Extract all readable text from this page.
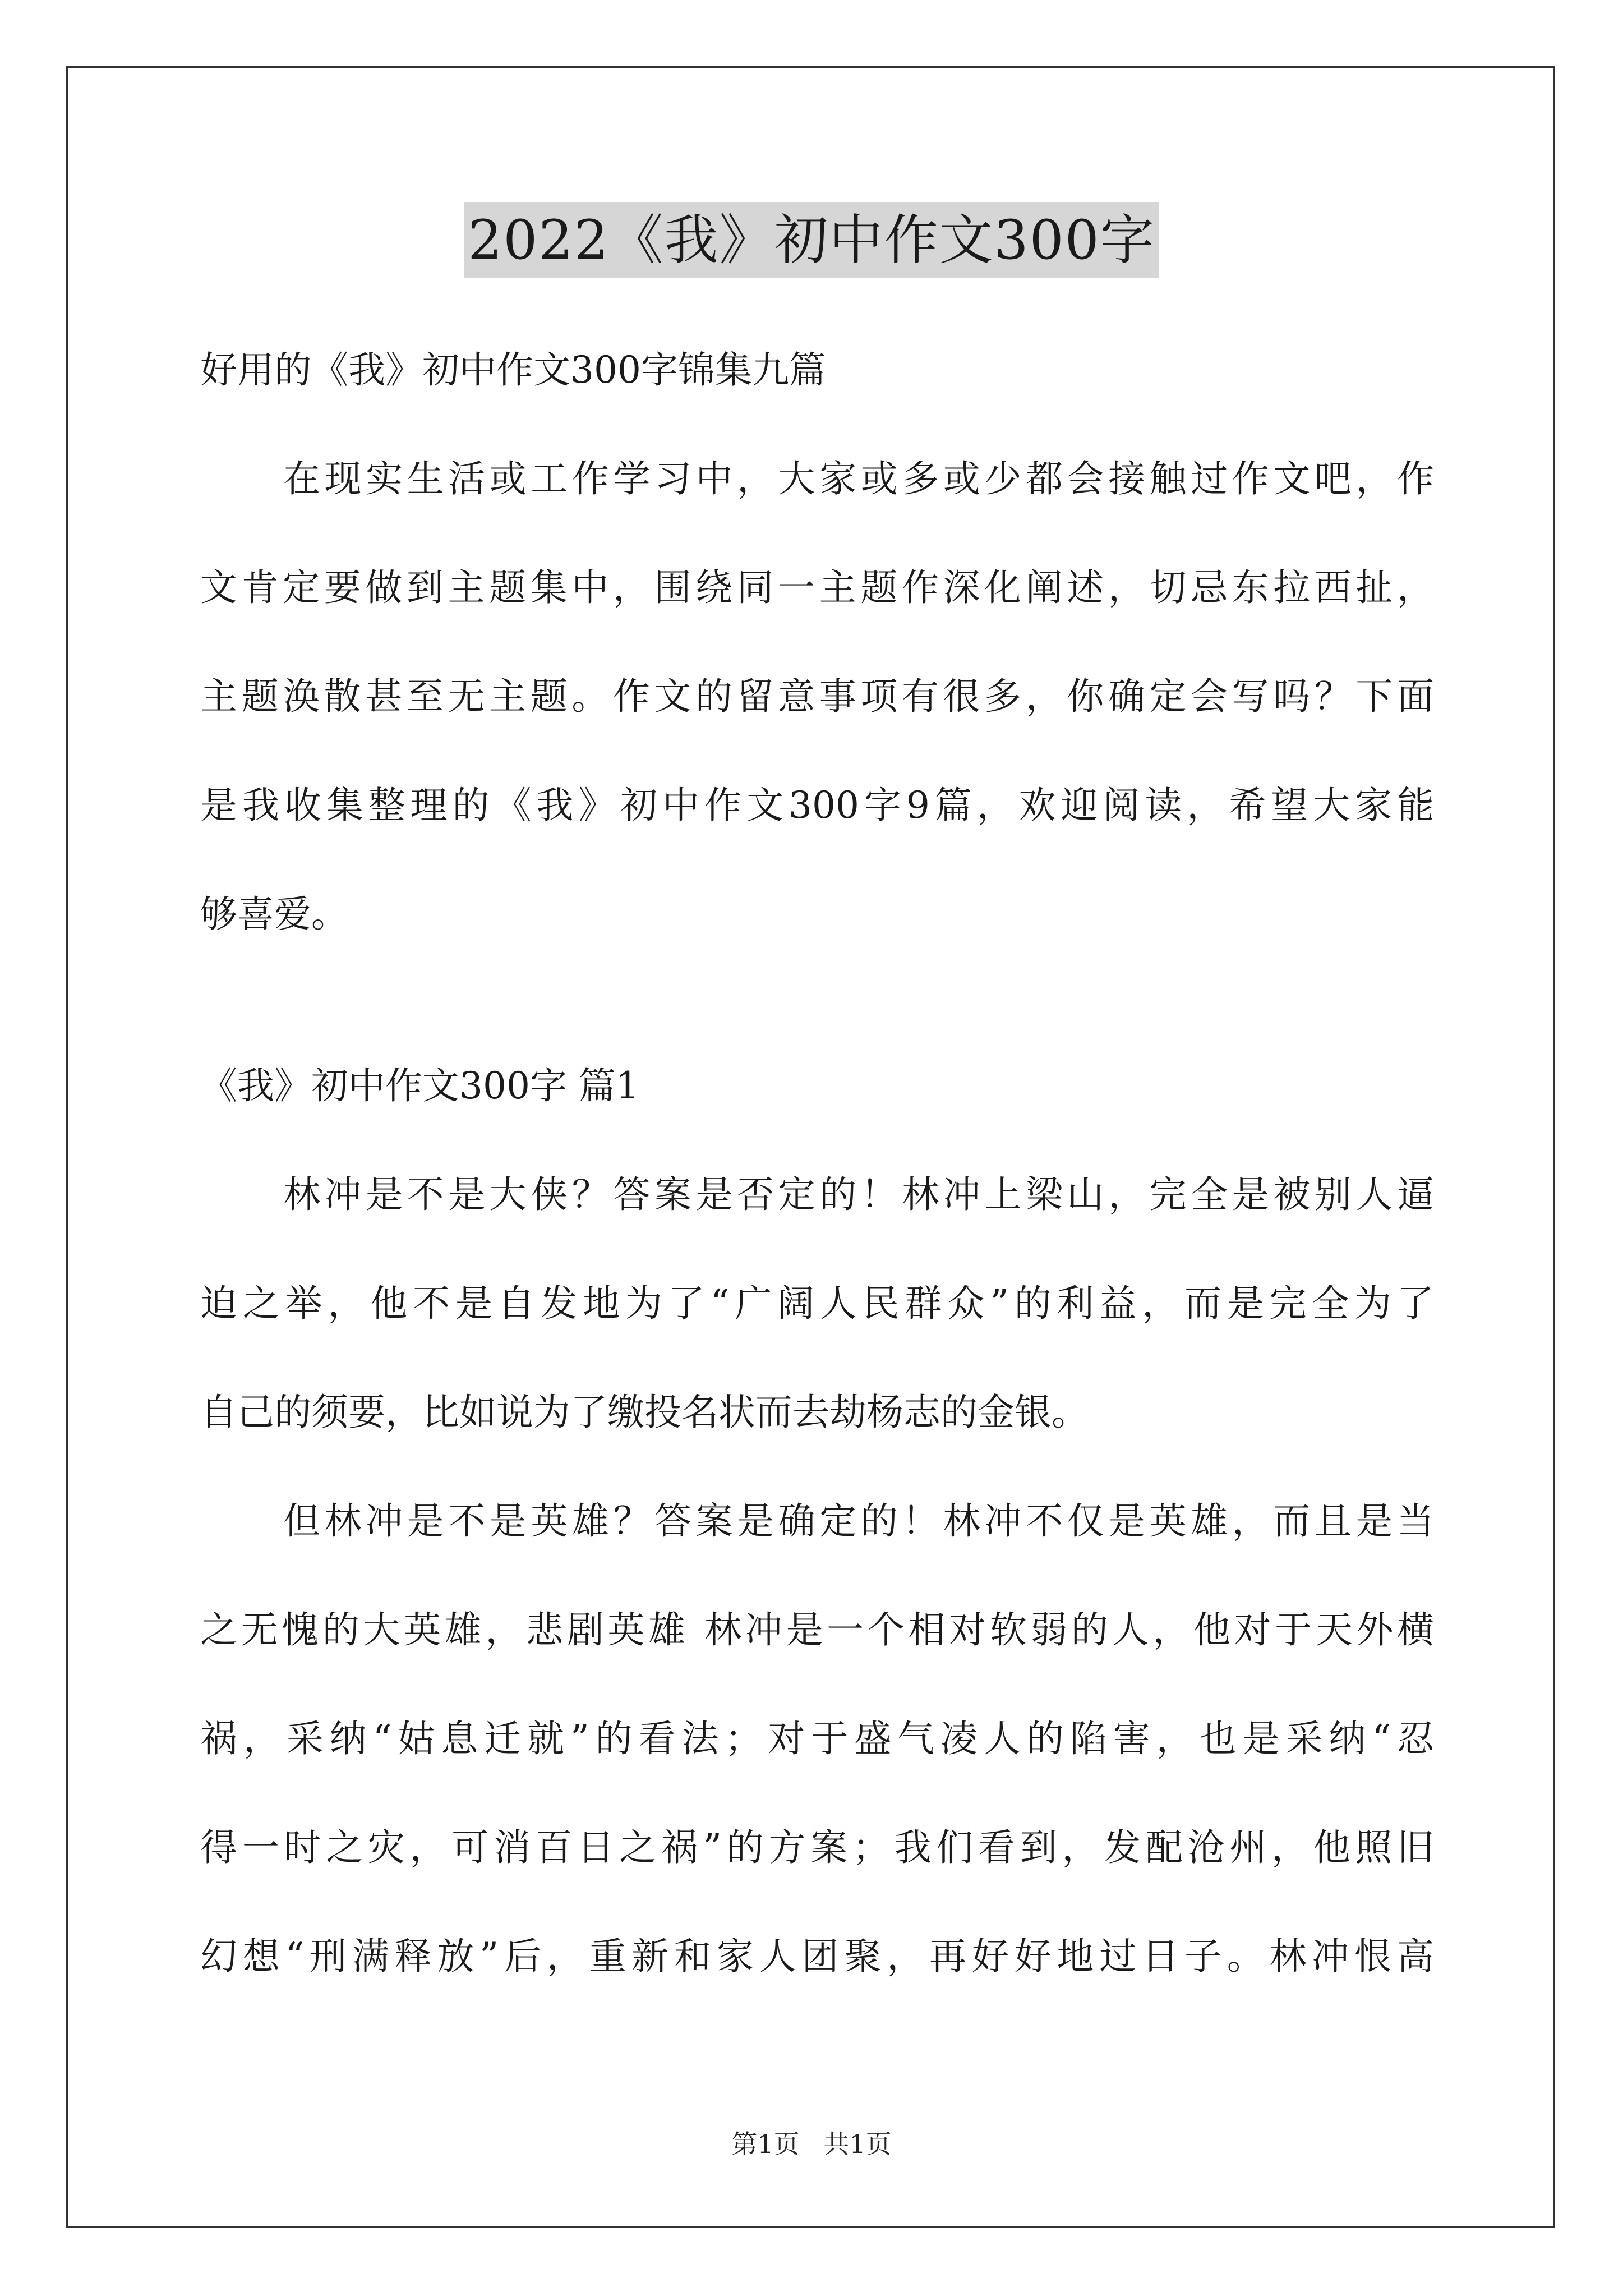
2022《我》初中作文300字
好用的《我》初中作文300字锦集九篇
在现实生活或工作学习中，大家或多或少都会接触过作文吧，作
文肯定要做到主题集中，围绕同一主题作深化阐述，切忌东拉西扯，
主题涣散甚至无主题。作文的留意事项有很多，你确定会写吗？下面
是我收集整理的《我》初中作文300字9篇，欢迎阅读，希望大家能
够喜爱。
《我》初中作文300字 篇1
林冲是不是大侠？答案是否定的！林冲上梁山，完全是被别人逼
迫之举，他不是自发地为了“广阔人民群众”的利益，而是完全为了
自己的须要，比如说为了缴投名状而去劫杨志的金银。
但林冲是不是英雄？答案是确定的！林冲不仅是英雄，而且是当
之无愧的大英雄，悲剧英雄 林冲是一个相对软弱的人，他对于天外横
祸，采纳“姑息迁就”的看法；对于盛气凌人的陷害，也是采纳“忍
得一时之灾，可消百日之祸”的方案；我们看到，发配沧州，他照旧
幻想“刑满释放”后，重新和家人团聚，再好好地过日子。林冲恨高
第1页 共1页
